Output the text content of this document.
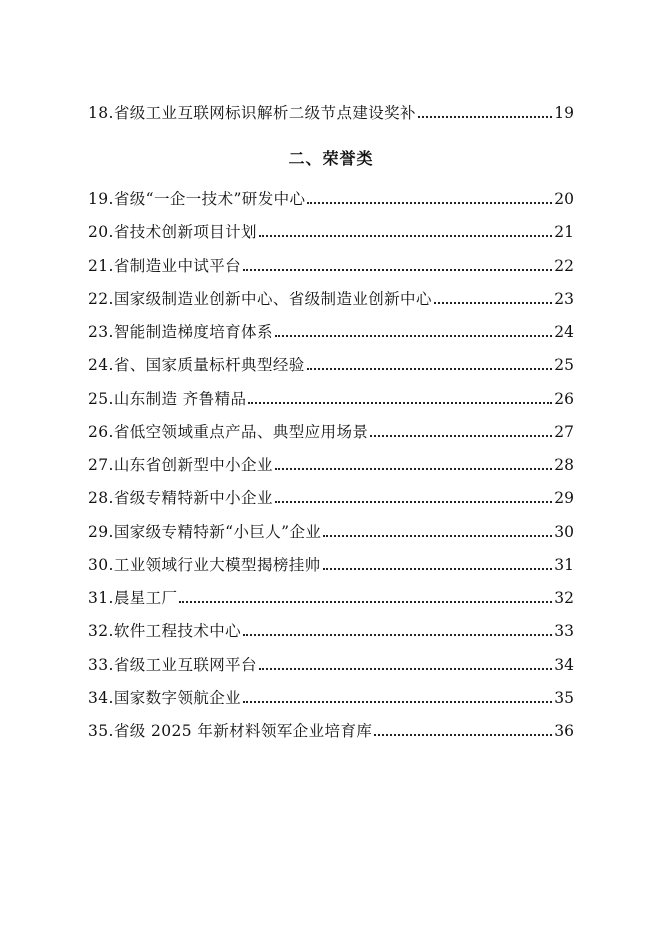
18.省级工业互联网标识解析二级节点建设奖补	19
二、荣誉类
19.省级“一企一技术”研发中心	20
20.省技术创新项目计划	21
21.省制造业中试平台	22
22.国家级制造业创新中心、省级制造业创新中心	23
23.智能制造梯度培育体系	24
24.省、国家质量标杆典型经验	25
25.山东制造 齐鲁精品	26
26.省低空领域重点产品、典型应用场景	27
27.山东省创新型中小企业	28
28.省级专精特新中小企业	29
29.国家级专精特新“小巨人”企业	30
30.工业领域行业大模型揭榜挂帅	31
31.晨星工厂	32
32.软件工程技术中心	33
33.省级工业互联网平台	34
34.国家数字领航企业	35
35.省级 2025 年新材料领军企业培育库	36
